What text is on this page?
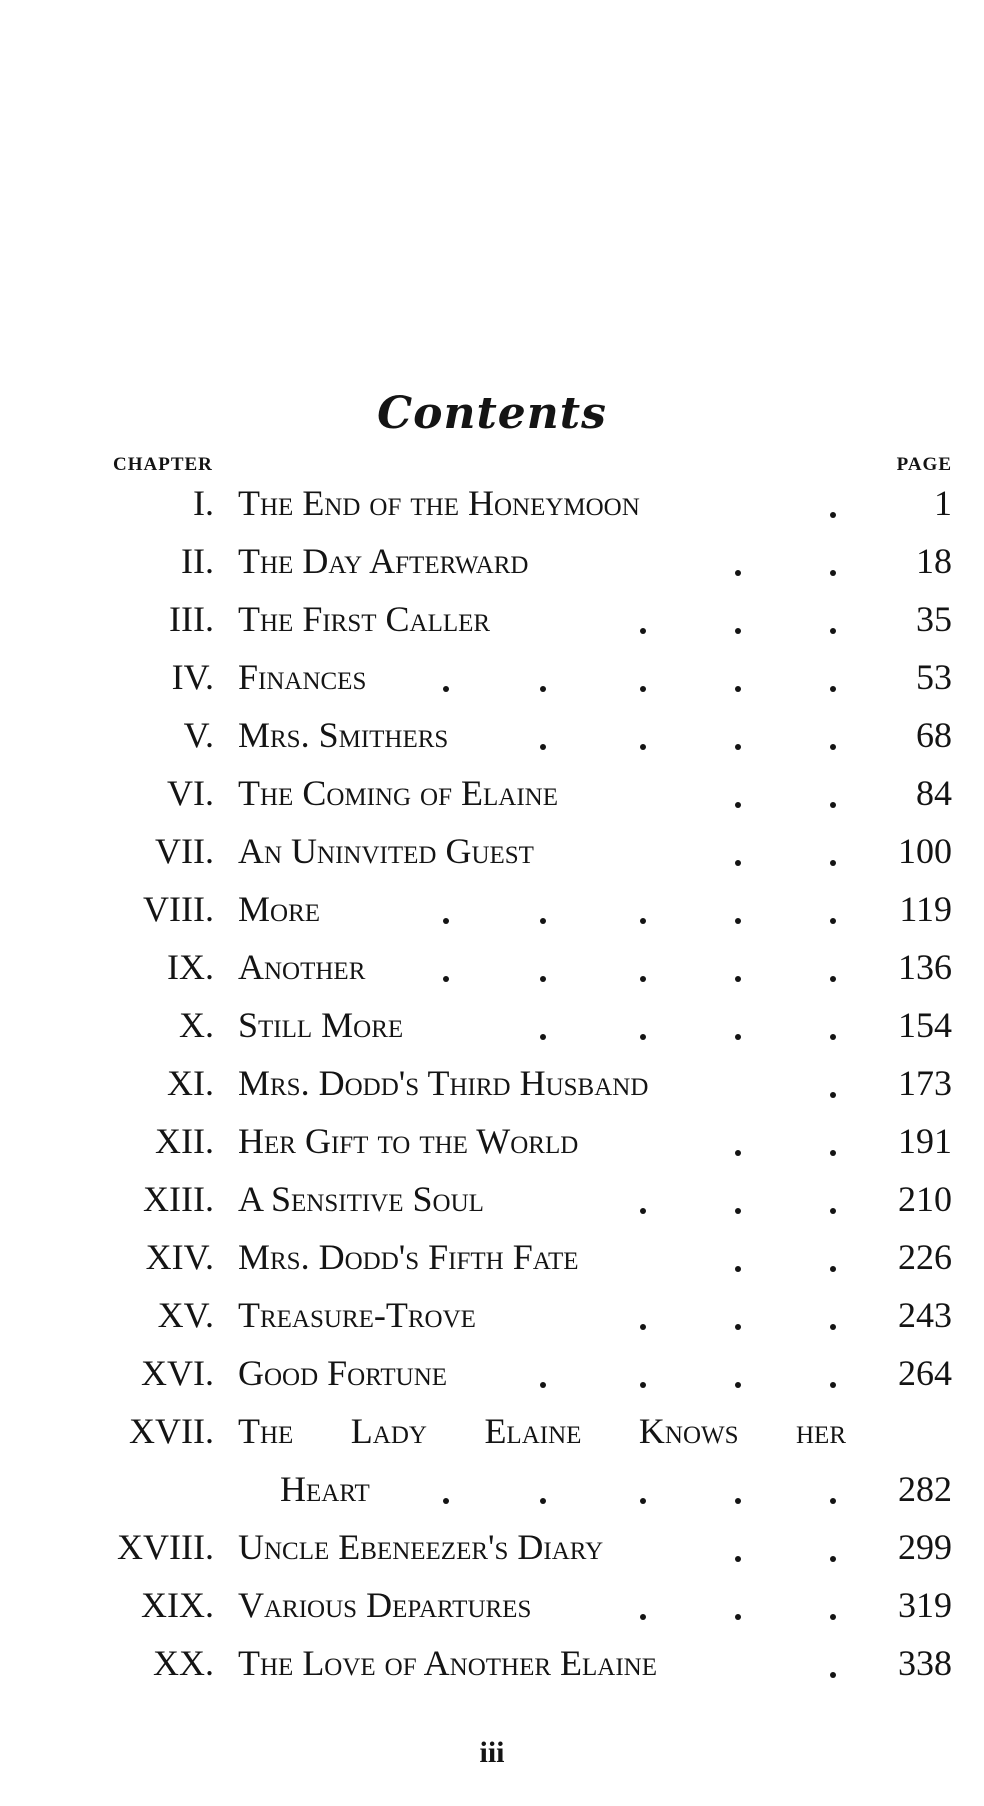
Contents
CHAPTER	PAGE
I. The End of the Honeymoon	1
II. The Day Afterward	18
III. The First Caller	35
IV. Finances	53
V. Mrs. Smithers	68
VI. The Coming of Elaine	84
VII. An Uninvited Guest	100
VIII. More	119
IX. Another	136
X. Still More	154
XI. Mrs. Dodd's Third Husband	173
XII. Her Gift to the World	191
XIII. A Sensitive Soul	210
XIV. Mrs. Dodd's Fifth Fate	226
XV. Treasure-Trove	243
XVI. Good Fortune	264
XVII. The Lady Elaine Knows her
Heart	282
XVIII. Uncle Ebeneezer's Diary	299
XIX. Various Departures	319
XX. The Love of Another Elaine	338
iii
